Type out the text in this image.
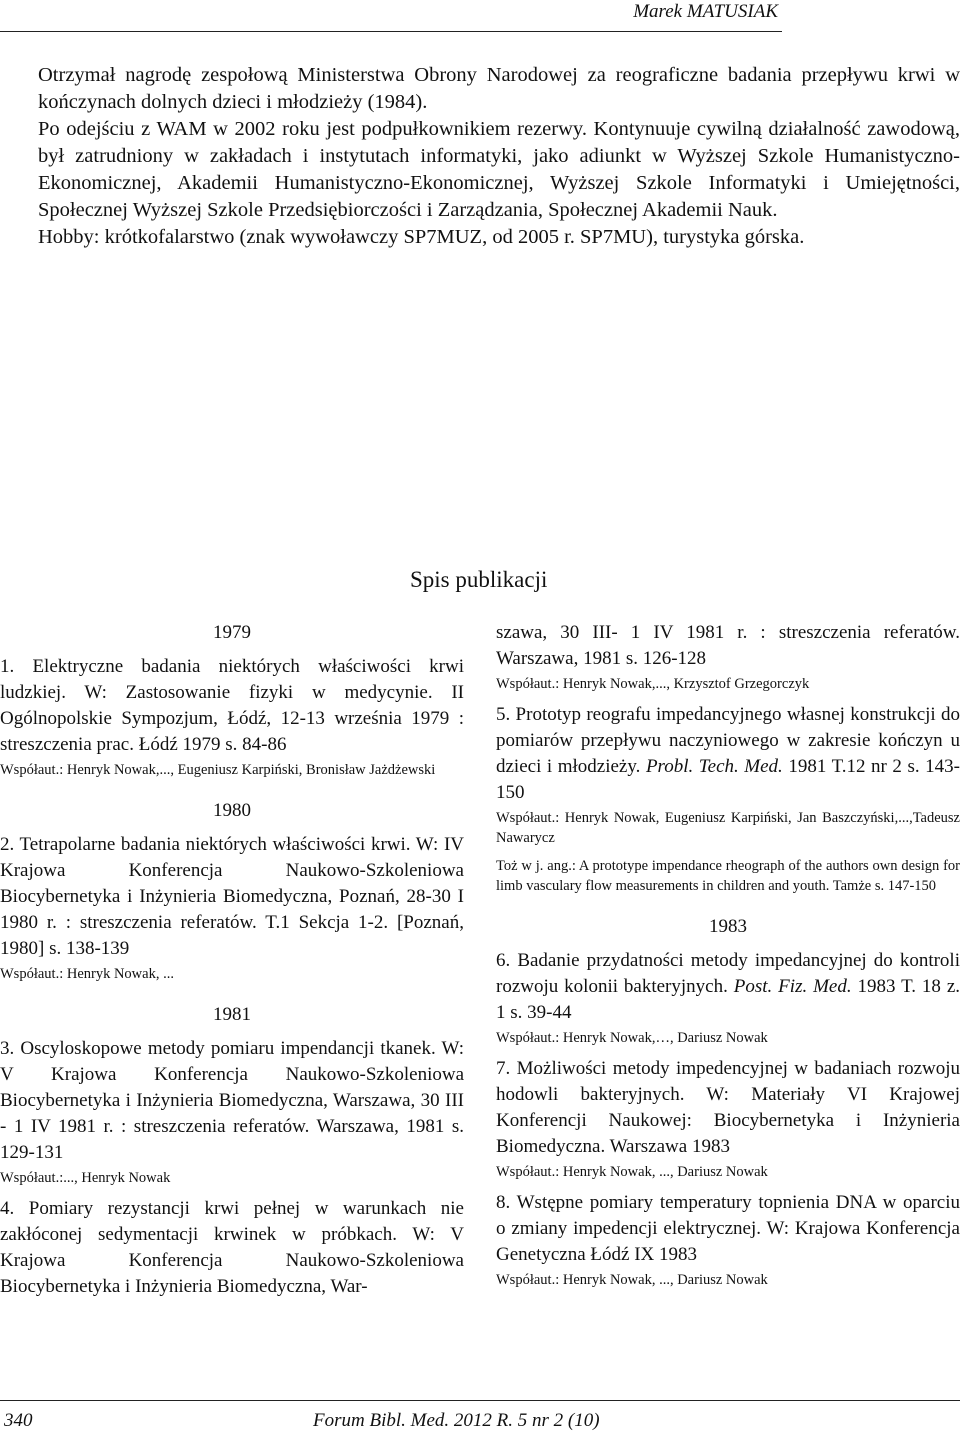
Marek MATUSIAK

Otrzymał nagrodę zespołową Ministerstwa Obrony Narodowej za reograficzne badania przepływu krwi w kończynach dolnych dzieci i młodzieży (1984).

Po odejściu z WAM w 2002 roku jest podpułkownikiem rezerwy. Kontynuuje cywilną działalność zawodową, był zatrudniony w zakładach i instytutach informatyki, jako adiunkt w Wyższej Szkole Humanistyczno-Ekonomicznej, Akademii Humanistyczno-Ekonomicznej, Wyższej Szkole Informatyki i Umiejętności, Społecznej Wyższej Szkole Przedsiębiorczości i Zarządzania, Społecznej Akademii Nauk.

Hobby: krótkofalarstwo (znak wywoławczy SP7MUZ, od 2005 r. SP7MU), turystyka górska.

Spis publikacji
1979

1. Elektryczne badania niektórych właściwości krwi ludzkiej. W: Zastosowanie fizyki w medycynie. II Ogólnopolskie Sympozjum, Łódź, 12-13 września 1979 : streszczenia prac. Łódź 1979 s. 84-86

Współaut.: Henryk Nowak,..., Eugeniusz Karpiński, Bronisław Jażdżewski
1980

2. Tetrapolarne badania niektórych właściwości krwi. W: IV Krajowa Konferencja Naukowo-Szkoleniowa Biocybernetyka i Inżynieria Biomedyczna, Poznań, 28-30 I 1980 r. : streszczenia referatów. T.1 Sekcja 1-2. [Poznań, 1980] s. 138-139

Współaut.: Henryk Nowak, ...
1981

3. Oscyloskopowe metody pomiaru impendancji tkanek. W: V Krajowa Konferencja Naukowo-Szkoleniowa Biocybernetyka i Inżynieria Biomedyczna, Warszawa, 30 III - 1 IV 1981 r. : streszczenia referatów. Warszawa, 1981 s. 129-131

Współaut.:..., Henryk Nowak

4. Pomiary rezystancji krwi pełnej w warunkach nie zakłóconej sedymentacji krwinek w próbkach. W: V Krajowa Konferencja Naukowo-Szkoleniowa Biocybernetyka i Inżynieria Biomedyczna, War-

szawa, 30 III- 1 IV 1981 r. : streszczenia referatów. Warszawa, 1981 s. 126-128

Współaut.: Henryk Nowak,..., Krzysztof Grzegorczyk

5. Prototyp reografu impedancyjnego własnej konstrukcji do pomiarów przepływu naczyniowego w zakresie kończyn u dzieci i młodzieży. Probl. Tech. Med. 1981 T.12 nr 2 s. 143-150

Współaut.: Henryk Nowak, Eugeniusz Karpiński, Jan Baszczyński,...,Tadeusz Nawarycz
Toż w j. ang.: A prototype impendance rheograph of the authors own design for limb vasculary flow measurements in children and youth. Tamże s. 147-150
1983

6. Badanie przydatności metody impedancyjnej do kontroli rozwoju kolonii bakteryjnych. Post. Fiz. Med. 1983 T. 18 z. 1 s. 39-44

Współaut.: Henryk Nowak,…, Dariusz Nowak

7. Możliwości metody impedencyjnej w badaniach rozwoju hodowli bakteryjnych. W: Materiały VI Krajowej Konferencji Naukowej: Biocybernetyka i Inżynieria Biomedyczna. Warszawa 1983

Współaut.: Henryk Nowak, ..., Dariusz Nowak

8. Wstępne pomiary temperatury topnienia DNA w oparciu o zmiany impedencji elektrycznej. W: Krajowa Konferencja Genetyczna Łódź IX 1983

Współaut.: Henryk Nowak, ..., Dariusz Nowak
340	Forum Bibl. Med. 2012 R. 5 nr 2 (10)
